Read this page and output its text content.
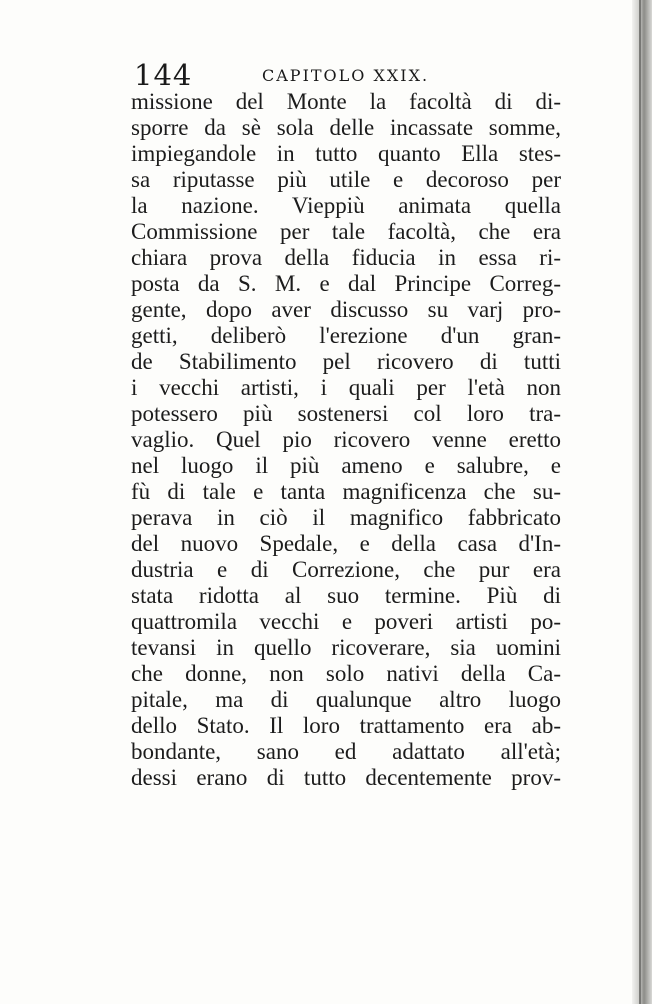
144	CAPITOLO XXIX.
missione del Monte la facoltà di di-
sporre da sè sola delle incassate somme,
impiegandole in tutto quanto Ella stes-
sa riputasse più utile e decoroso per
la nazione. Vieppiù animata quella
Commissione per tale facoltà, che era
chiara prova della fiducia in essa ri-
posta da S. M. e dal Principe Correg-
gente, dopo aver discusso su varj pro-
getti, deliberò l'erezione d'un gran-
de Stabilimento pel ricovero di tutti
i vecchi artisti, i quali per l'età non
potessero più sostenersi col loro tra-
vaglio. Quel pio ricovero venne eretto
nel luogo il più ameno e salubre, e
fù di tale e tanta magnificenza che su-
perava in ciò il magnifico fabbricato
del nuovo Spedale, e della casa d'In-
dustria e di Correzione, che pur era
stata ridotta al suo termine. Più di
quattromila vecchi e poveri artisti po-
tevansi in quello ricoverare, sia uomini
che donne, non solo nativi della Ca-
pitale, ma di qualunque altro luogo
dello Stato. Il loro trattamento era ab-
bondante, sano ed adattato all'età;
dessi erano di tutto decentemente prov-
